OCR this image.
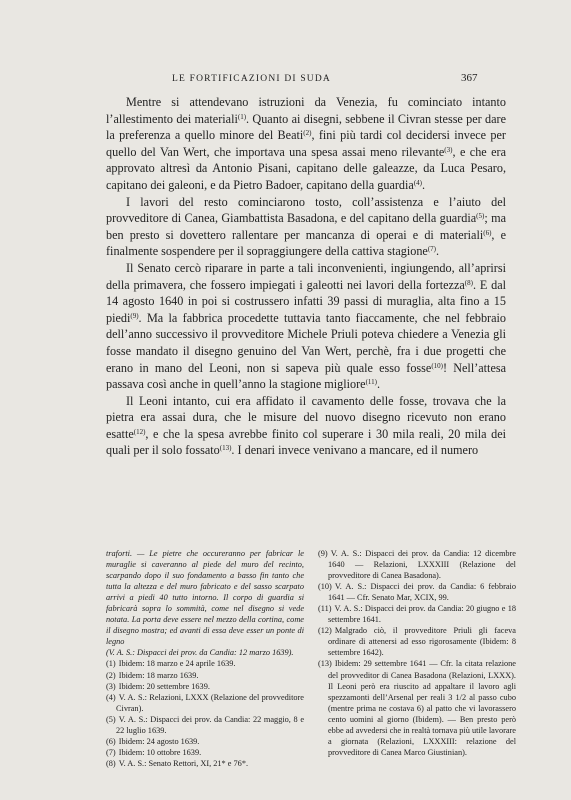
LE FORTIFICAZIONI DI SUDA	367

Mentre si attendevano istruzioni da Venezia, fu cominciato intanto l’allestimento dei materiali$^{(1)}$. Quanto ai disegni, sebbene il Civran stesse per dare la preferenza a quello minore del Beati$^{(2)}$, fini più tardi col decidersi invece per quello del Van Wert, che importava una spesa assai meno rilevante$^{(3)}$, e che era approvato altresì da Antonio Pisani, capitano delle galeazze, da Luca Pesaro, capitano dei galeoni, e da Pietro Badoer, capitano della guardia$^{(4)}$.

I lavori del resto cominciarono tosto, coll’assistenza e l’aiuto del provveditore di Canea, Giambattista Basadona, e del capitano della guardia$^{(5)}$; ma ben presto si dovettero rallentare per mancanza di operai e di materiali$^{(6)}$, e finalmente sospendere per il sopraggiungere della cattiva stagione$^{(7)}$.

Il Senato cercò riparare in parte a tali inconvenienti, ingiungendo, all’aprirsi della primavera, che fossero impiegati i galeotti nei lavori della fortezza$^{(8)}$. E dal 14 agosto 1640 in poi si costrussero infatti 39 passi di muraglia, alta fino a 15 piedi$^{(9)}$. Ma la fabbrica procedette tuttavia tanto fiaccamente, che nel febbraio dell’anno successivo il provveditore Michele Priuli poteva chiedere a Venezia gli fosse mandato il disegno genuino del Van Wert, perchè, fra i due progetti che erano in mano del Leoni, non si sapeva più quale esso fosse$^{(10)}$! Nell’attesa passava così anche in quell’anno la stagione migliore$^{(11)}$.

Il Leoni intanto, cui era affidato il cavamento delle fosse, trovava che la pietra era assai dura, che le misure del nuovo disegno ricevuto non erano esatte$^{(12)}$, e che la spesa avrebbe finito col superare i 30 mila reali, 20 mila dei quali per il solo fossato$^{(13)}$. I denari invece venivano a mancare, ed il numero

traforti. — Le pietre che occureranno per fabricar le muraglie si caveranno al piede del muro del recinto, scarpando dopo il suo fondamento a basso fin tanto che tutta la altezza e del muro fabricato e del sasso scarpato arrivi a piedi 40 tutto intorno. Il corpo di guardia si fabricarà sopra lo sommità, come nel disegno si vede notata. La porta deve essere nel mezzo della cortina, come il disegno mostra; ed avanti di essa deve esser un ponte di legno

(V. A. S.: Dispacci dei prov. da Candia: 12 marzo 1639).

(1) Ibidem: 18 marzo e 24 aprile 1639.

(2) Ibidem: 18 marzo 1639.

(3) Ibidem: 20 settembre 1639.

(4) V. A. S.: Relazioni, LXXX (Relazione del provveditore Civran).

(5) V. A. S.: Dispacci dei prov. da Candia: 22 maggio, 8 e 22 luglio 1639.

(6) Ibidem: 24 agosto 1639.

(7) Ibidem: 10 ottobre 1639.

(8) V. A. S.: Senato Rettori, XI, 21* e 76*.

(9) V. A. S.: Dispacci dei prov. da Candia: 12 dicembre 1640 — Relazioni, LXXXIII (Relazione del provveditore di Canea Basadona).

(10) V. A. S.: Dispacci dei prov. da Candia: 6 febbraio 1641 — Cfr. Senato Mar, XCIX, 99.

(11) V. A. S.: Dispacci dei prov. da Candia: 20 giugno e 18 settembre 1641.

(12) Malgrado ciò, il provveditore Priuli gli faceva ordinare di attenersi ad esso rigorosamente (Ibidem: 8 settembre 1642).

(13) Ibidem: 29 settembre 1641 — Cfr. la citata relazione del provveditor di Canea Basadona (Relazioni, LXXX). Il Leoni però era riuscito ad appaltare il lavoro agli spezzamonti dell’Arsenal per reali 3 1/2 al passo cubo (mentre prima ne costava 6) al patto che vi lavorassero cento uomini al giorno (Ibidem). — Ben presto però ebbe ad avvedersi che in realtà tornava più utile lavorare a giornata (Relazioni, LXXXIII: relazione del provveditore di Canea Marco Giustinian).
